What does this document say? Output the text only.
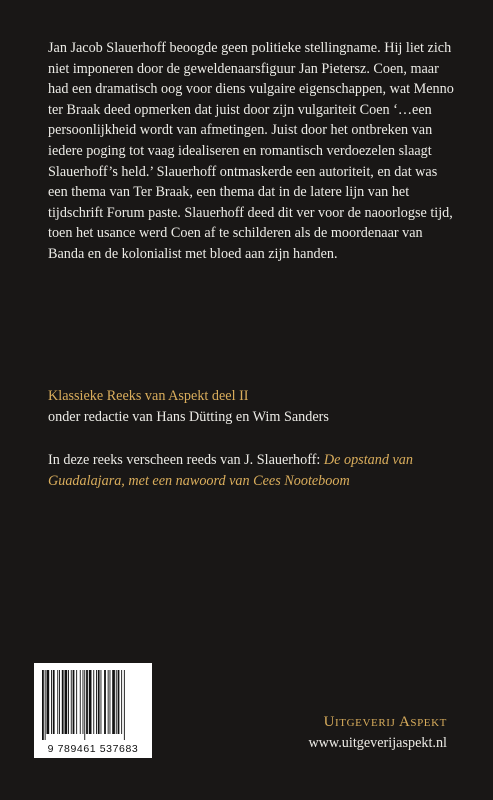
Jan Jacob Slauerhoff beoogde geen politieke stellingname. Hij liet zich niet imponeren door de geweldenaarsfiguur Jan Pietersz. Coen, maar had een dramatisch oog voor diens vulgaire eigenschappen, wat Menno ter Braak deed opmerken dat juist door zijn vulgariteit Coen ‘…een persoonlijkheid wordt van afmetingen. Juist door het ontbreken van iedere poging tot vaag idealiseren en romantisch verdoezelen slaagt Slauerhoff’s held.’ Slauerhoff ontmaskerde een autoriteit, en dat was een thema van Ter Braak, een thema dat in de latere lijn van het tijdschrift Forum paste. Slauerhoff deed dit ver voor de naoorlogse tijd, toen het usance werd Coen af te schilderen als de moordenaar van Banda en de kolonialist met bloed aan zijn handen.

Klassieke Reeks van Aspekt deel II
onder redactie van Hans Dütting en Wim Sanders

In deze reeks verscheen reeds van J. Slauerhoff: De opstand van Guadalajara, met een nawoord van Cees Nooteboom

9 789461 537683
Uitgeverij Aspekt
www.uitgeverijaspekt.nl
